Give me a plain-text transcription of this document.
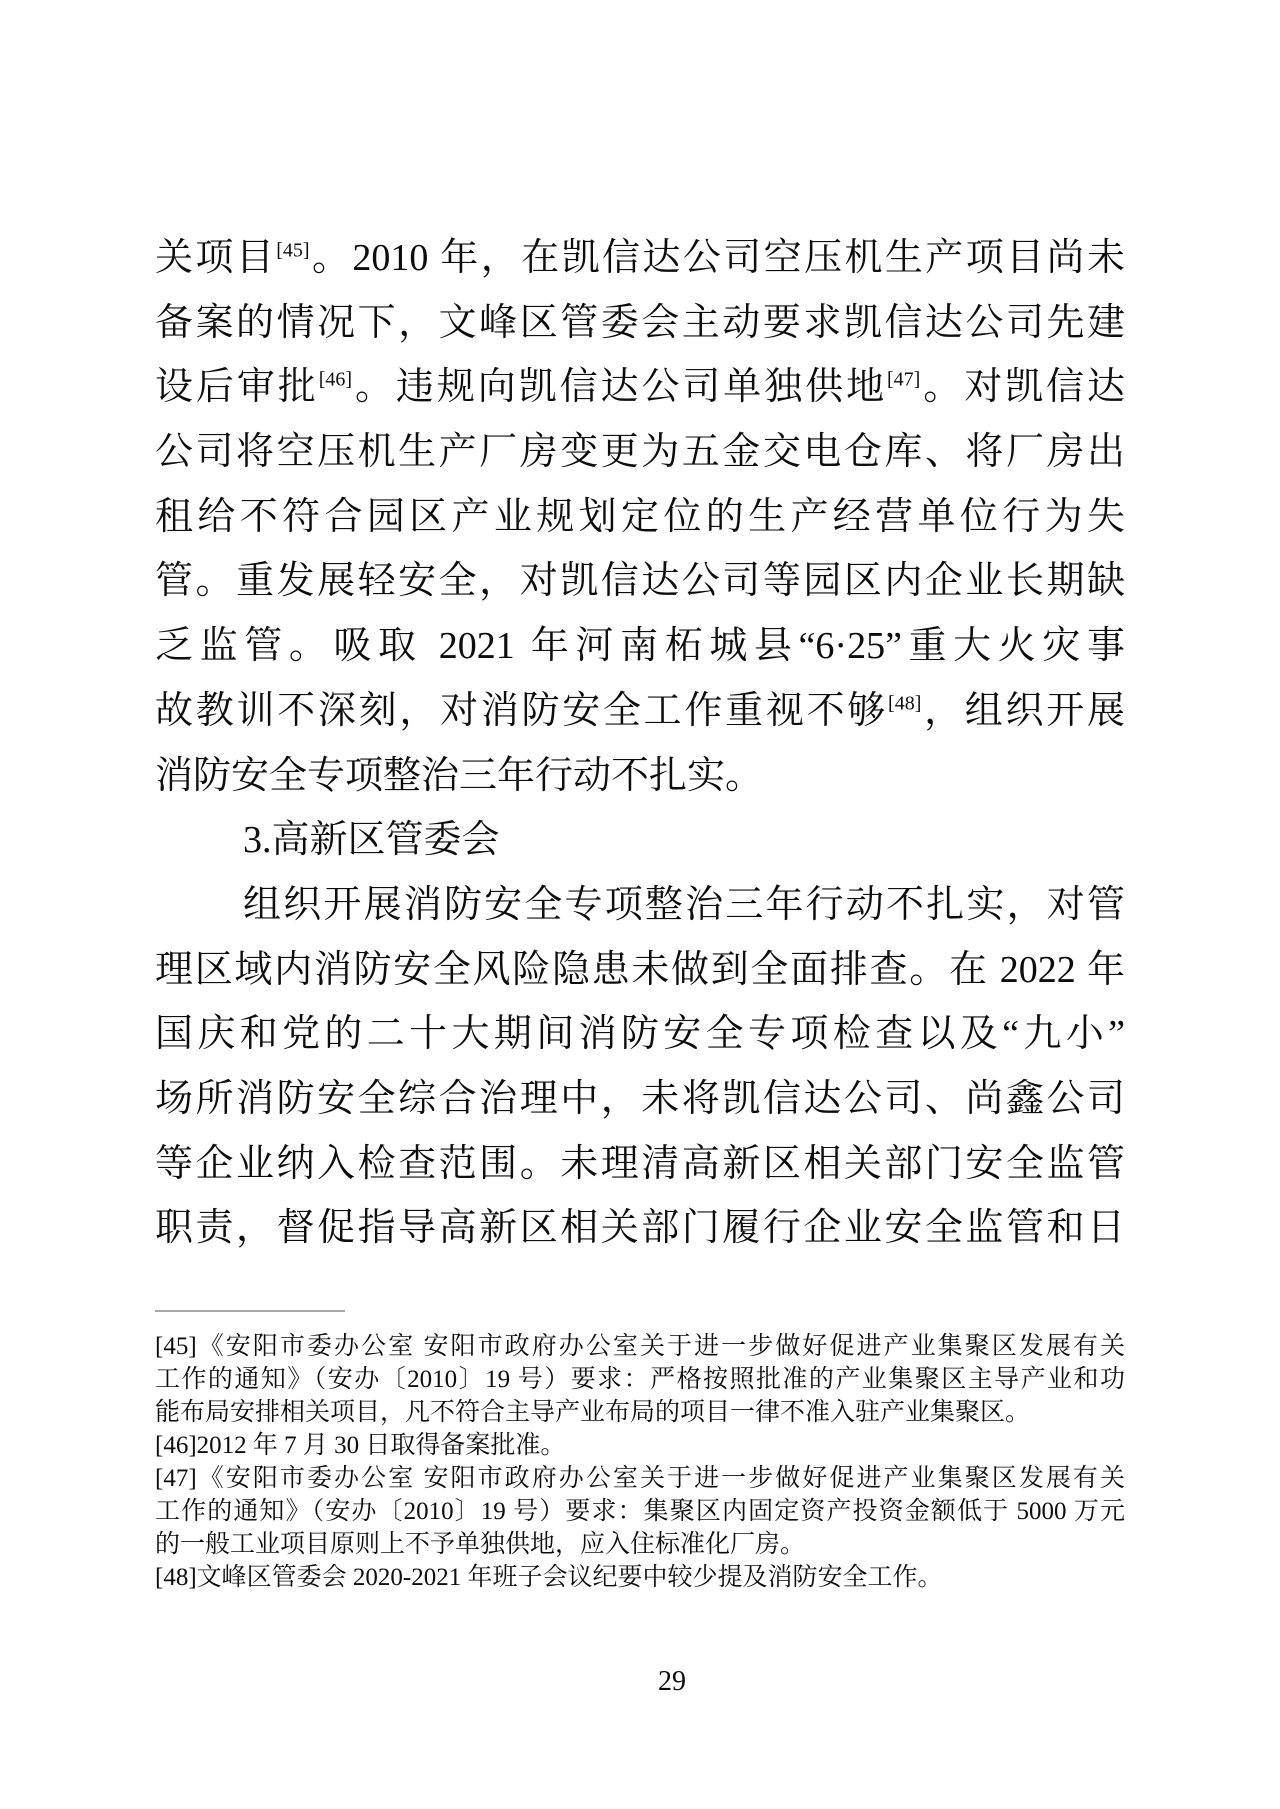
关项目[45]。2010 年，在凯信达公司空压机生产项目尚未
备案的情况下，文峰区管委会主动要求凯信达公司先建
设后审批[46]。违规向凯信达公司单独供地[47]。对凯信达
公司将空压机生产厂房变更为五金交电仓库、将厂房出
租给不符合园区产业规划定位的生产经营单位行为失
管。重发展轻安全，对凯信达公司等园区内企业长期缺
乏监管。吸取 2021 年河南柘城县“6·25”重大火灾事
故教训不深刻，对消防安全工作重视不够[48]，组织开展
消防安全专项整治三年行动不扎实。
3.高新区管委会
组织开展消防安全专项整治三年行动不扎实，对管
理区域内消防安全风险隐患未做到全面排查。在 2022 年
国庆和党的二十大期间消防安全专项检查以及“九小”
场所消防安全综合治理中，未将凯信达公司、尚鑫公司
等企业纳入检查范围。未理清高新区相关部门安全监管
职责，督促指导高新区相关部门履行企业安全监管和日
[45]《安阳市委办公室 安阳市政府办公室关于进一步做好促进产业集聚区发展有关
工作的通知》（安办〔2010〕19 号）要求：严格按照批准的产业集聚区主导产业和功
能布局安排相关项目，凡不符合主导产业布局的项目一律不准入驻产业集聚区。
[46]2012 年 7 月 30 日取得备案批准。
[47]《安阳市委办公室 安阳市政府办公室关于进一步做好促进产业集聚区发展有关
工作的通知》（安办〔2010〕19 号）要求：集聚区内固定资产投资金额低于 5000 万元
的一般工业项目原则上不予单独供地，应入住标准化厂房。
[48]文峰区管委会 2020-2021 年班子会议纪要中较少提及消防安全工作。
29
